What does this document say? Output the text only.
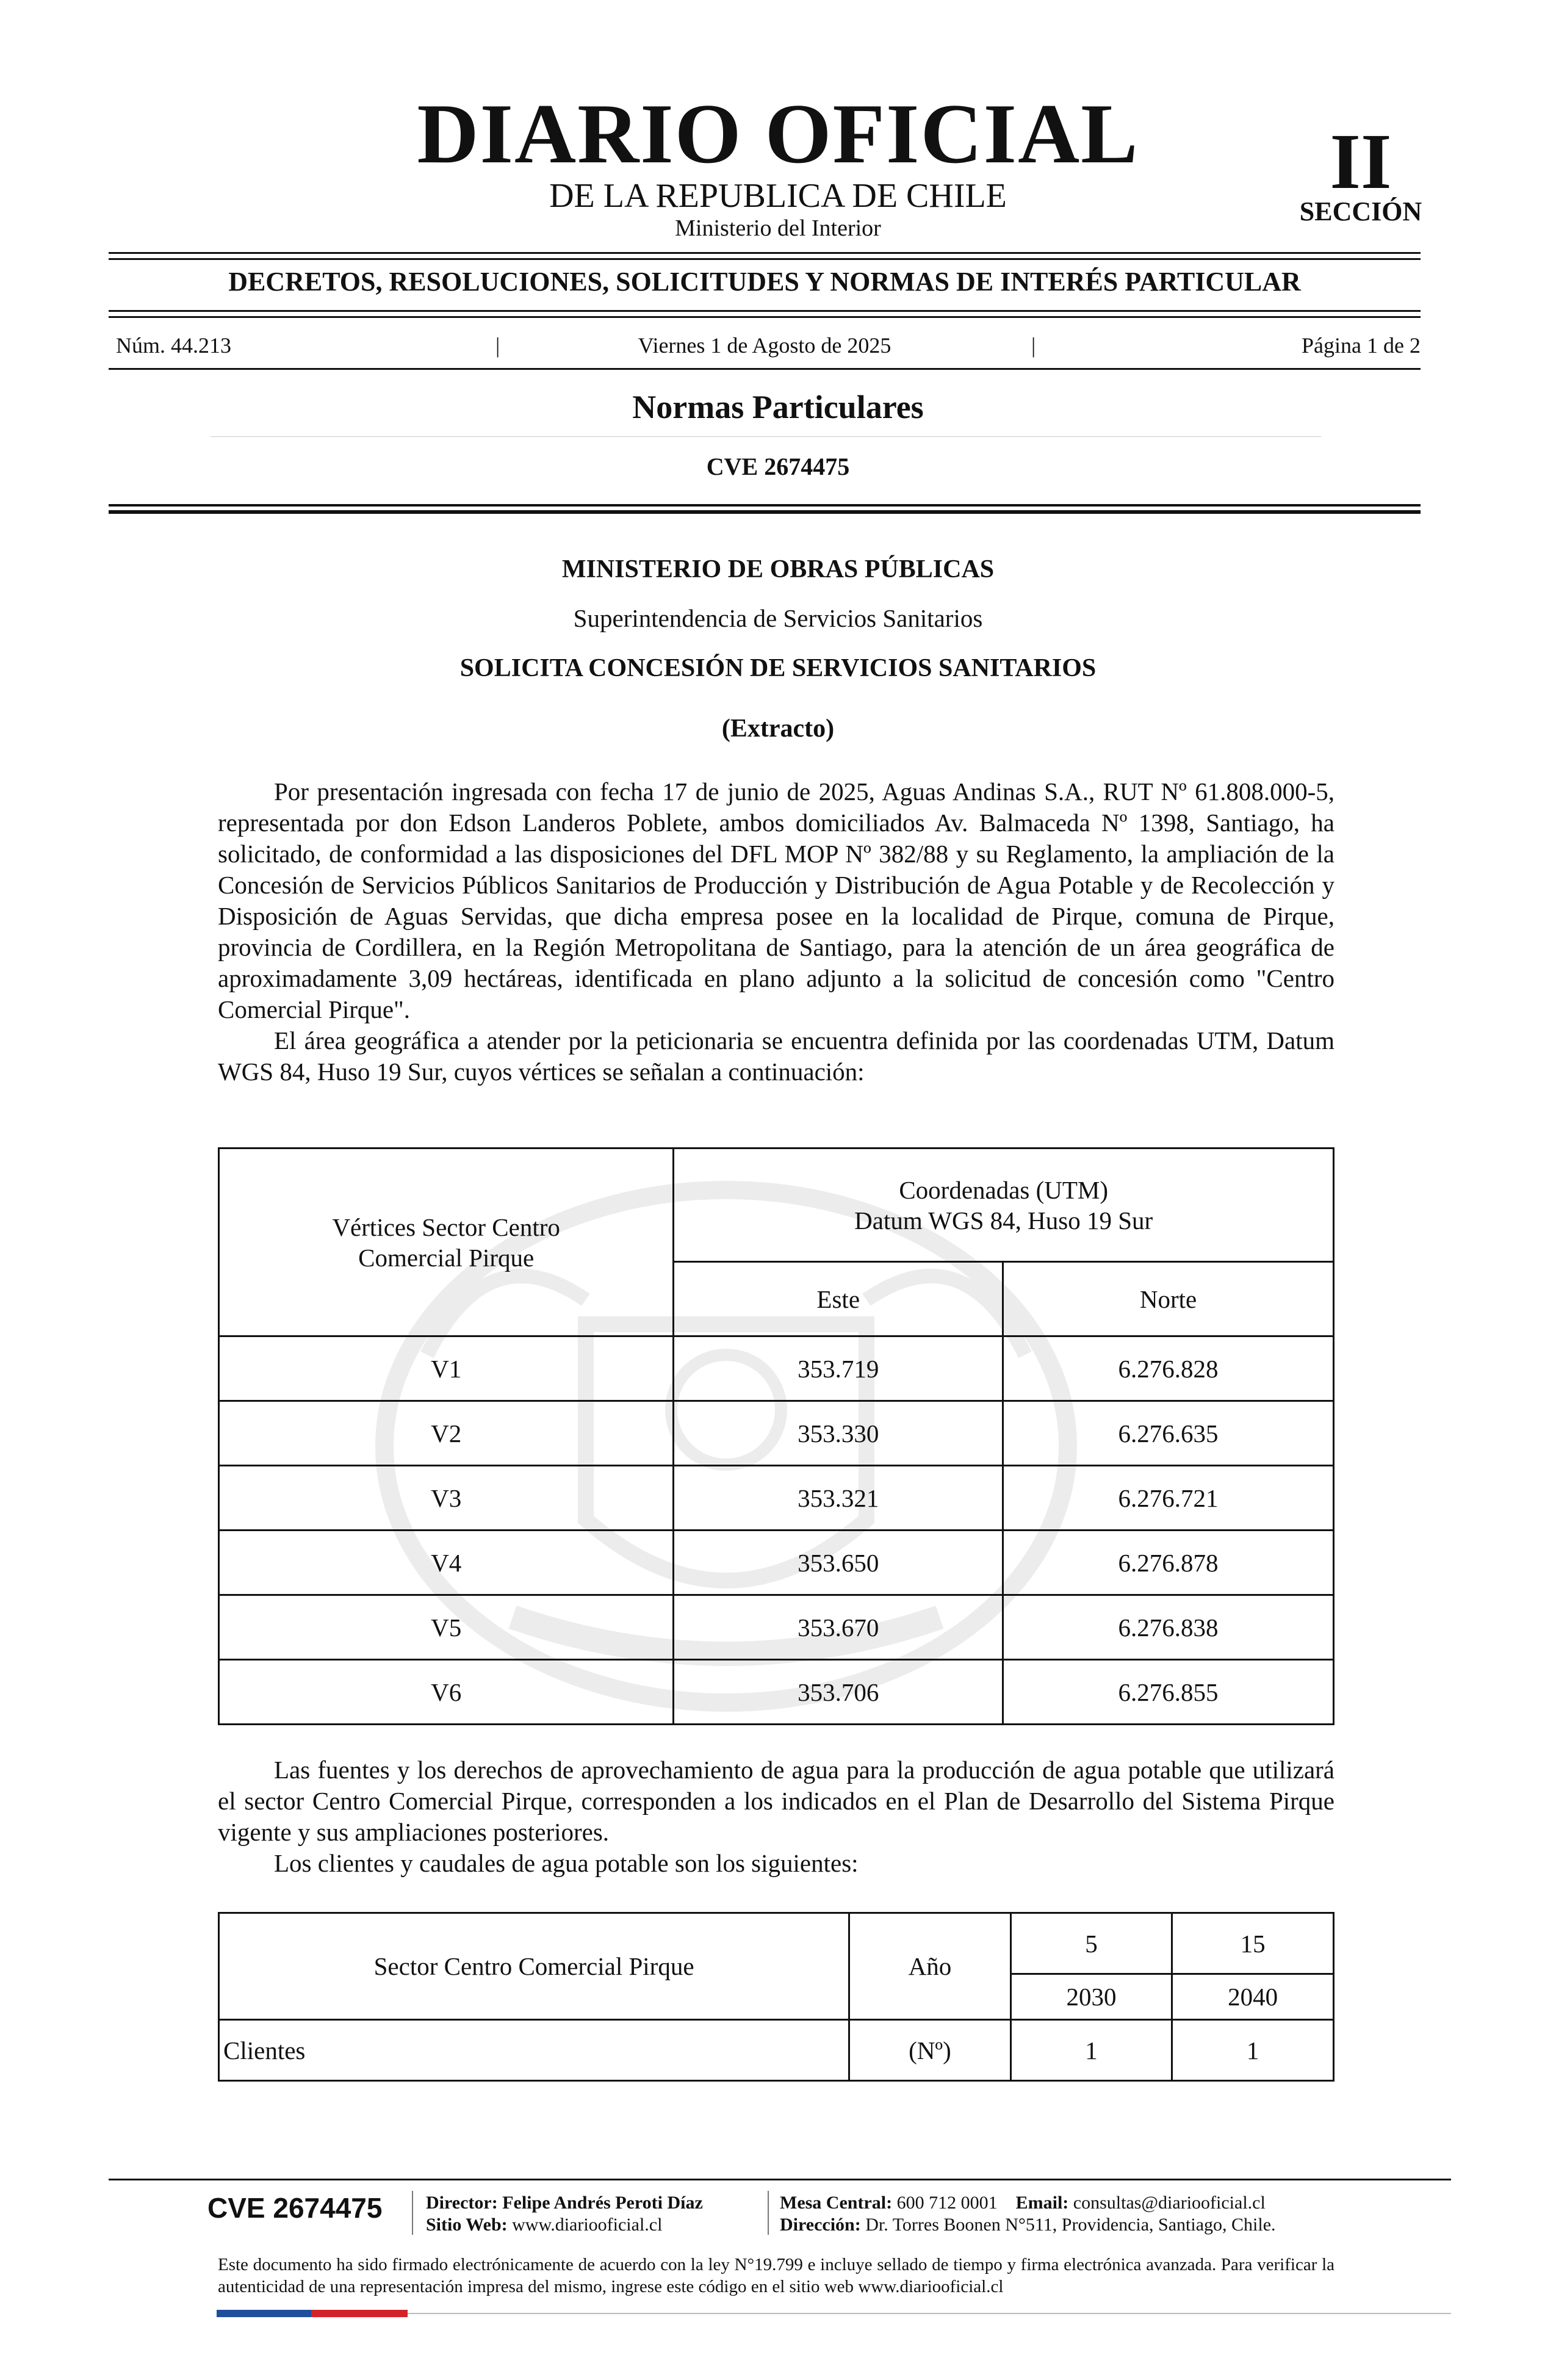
DIARIO OFICIAL
DE LA REPUBLICA DE CHILE
Ministerio del Interior
II
SECCIÓN
DECRETOS, RESOLUCIONES, SOLICITUDES Y NORMAS DE INTERÉS PARTICULAR
Núm. 44.213	|	Viernes 1 de Agosto de 2025	|	Página 1 de 2
Normas Particulares
CVE 2674475
MINISTERIO DE OBRAS PÚBLICAS
Superintendencia de Servicios Sanitarios
SOLICITA CONCESIÓN DE SERVICIOS SANITARIOS
(Extracto)

Por presentación ingresada con fecha 17 de junio de 2025, Aguas Andinas S.A., RUT Nº 61.808.000-5, representada por don Edson Landeros Poblete, ambos domiciliados Av. Balmaceda Nº 1398, Santiago, ha solicitado, de conformidad a las disposiciones del DFL MOP Nº 382/88 y su Reglamento, la ampliación de la Concesión de Servicios Públicos Sanitarios de Producción y Distribución de Agua Potable y de Recolección y Disposición de Aguas Servidas, que dicha empresa posee en la localidad de Pirque, comuna de Pirque, provincia de Cordillera, en la Región Metropolitana de Santiago, para la atención de un área geográfica de aproximadamente 3,09 hectáreas, identificada en plano adjunto a la solicitud de concesión como "Centro Comercial Pirque".

El área geográfica a atender por la peticionaria se encuentra definida por las coordenadas UTM, Datum WGS 84, Huso 19 Sur, cuyos vértices se señalan a continuación:

Vértices Sector Centro Comercial Pirque	Coordenadas (UTM)
Datum WGS 84, Huso 19 Sur	

	Este	Norte
V1	353.719	6.276.828
V2	353.330	6.276.635
V3	353.321	6.276.721
V4	353.650	6.276.878
V5	353.670	6.276.838
V6	353.706	6.276.855

Las fuentes y los derechos de aprovechamiento de agua para la producción de agua potable que utilizará el sector Centro Comercial Pirque, corresponden a los indicados en el Plan de Desarrollo del Sistema Pirque vigente y sus ampliaciones posteriores.

Los clientes y caudales de agua potable son los siguientes:

Sector Centro Comercial Pirque	Año	5	15
		2030	2040
Clientes	(Nº)	1	1
CVE 2674475 Director: Felipe Andrés Peroti Díaz
Sitio Web: www.diariooficial.cl
Mesa Central: 600 712 0001 Email: consultas@diariooficial.cl
Dirección: Dr. Torres Boonen N°511, Providencia, Santiago, Chile.
Este documento ha sido firmado electrónicamente de acuerdo con la ley N°19.799 e incluye sellado de tiempo y firma electrónica avanzada. Para verificar la autenticidad de una representación impresa del mismo, ingrese este código en el sitio web www.diariooficial.cl
